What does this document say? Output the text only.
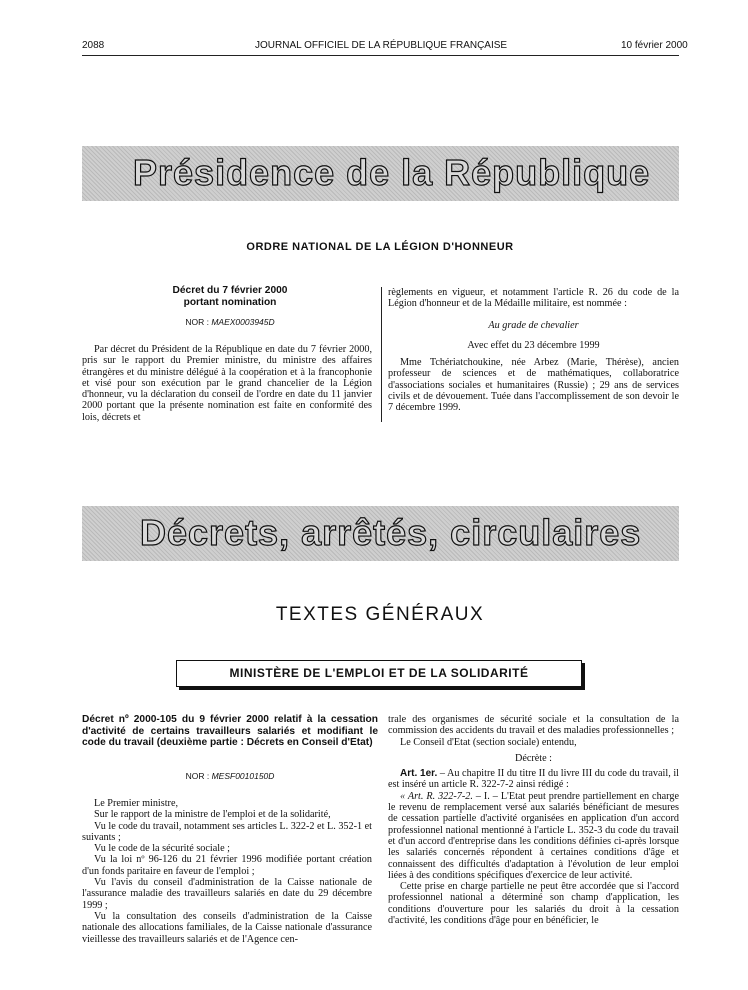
2088	JOURNAL OFFICIEL DE LA RÉPUBLIQUE FRANÇAISE	10 février 2000
Présidence de la République
ORDRE NATIONAL DE LA LÉGION D'HONNEUR
Décret du 7 février 2000
portant nomination
NOR : MAEX0003945D

Par décret du Président de la République en date du 7 février 2000, pris sur le rapport du Premier ministre, du ministre des affaires étrangères et du ministre délégué à la coopération et à la francophonie et visé pour son exécution par le grand chancelier de la Légion d'honneur, vu la déclaration du conseil de l'ordre en date du 11 janvier 2000 portant que la présente nomination est faite en conformité des lois, décrets et

règlements en vigueur, et notamment l'article R. 26 du code de la Légion d'honneur et de la Médaille militaire, est nommée :

Au grade de chevalier
Avec effet du 23 décembre 1999

Mme Tchériatchoukine, née Arbez (Marie, Thérèse), ancien professeur de sciences et de mathématiques, collaboratrice d'associations sociales et humanitaires (Russie) ; 29 ans de services civils et de dévouement. Tuée dans l'accomplissement de son devoir le 7 décembre 1999.

Décrets, arrêtés, circulaires
TEXTES GÉNÉRAUX
MINISTÈRE DE L'EMPLOI ET DE LA SOLIDARITÉ
Décret nº 2000-105 du 9 février 2000 relatif à la cessation d'activité de certains travailleurs salariés et modifiant le code du travail (deuxième partie : Décrets en Conseil d'Etat)
NOR : MESF0010150D

Le Premier ministre,

Sur le rapport de la ministre de l'emploi et de la solidarité,

Vu le code du travail, notamment ses articles L. 322-2 et L. 352-1 et suivants ;

Vu le code de la sécurité sociale ;

Vu la loi nº 96-126 du 21 février 1996 modifiée portant création d'un fonds paritaire en faveur de l'emploi ;

Vu l'avis du conseil d'administration de la Caisse nationale de l'assurance maladie des travailleurs salariés en date du 29 décembre 1999 ;

Vu la consultation des conseils d'administration de la Caisse nationale des allocations familiales, de la Caisse nationale d'assurance vieillesse des travailleurs salariés et de l'Agence cen-

trale des organismes de sécurité sociale et la consultation de la commission des accidents du travail et des maladies professionnelles ;

Le Conseil d'Etat (section sociale) entendu,

Décrète :

Art. 1er. – Au chapitre II du titre II du livre III du code du travail, il est inséré un article R. 322-7-2 ainsi rédigé :

« Art. R. 322-7-2. – I. – L'Etat peut prendre partiellement en charge le revenu de remplacement versé aux salariés bénéficiant de mesures de cessation partielle d'activité organisées en application d'un accord professionnel national mentionné à l'article L. 352-3 du code du travail et d'un accord d'entreprise dans les conditions définies ci-après lorsque les salariés concernés répondent à certaines conditions d'âge et connaissent des difficultés d'adaptation à l'évolution de leur emploi liées à des conditions spécifiques d'exercice de leur activité.

Cette prise en charge partielle ne peut être accordée que si l'accord professionnel national a déterminé son champ d'application, les conditions d'ouverture pour les salariés du droit à la cessation d'activité, les conditions d'âge pour en bénéficier, le
